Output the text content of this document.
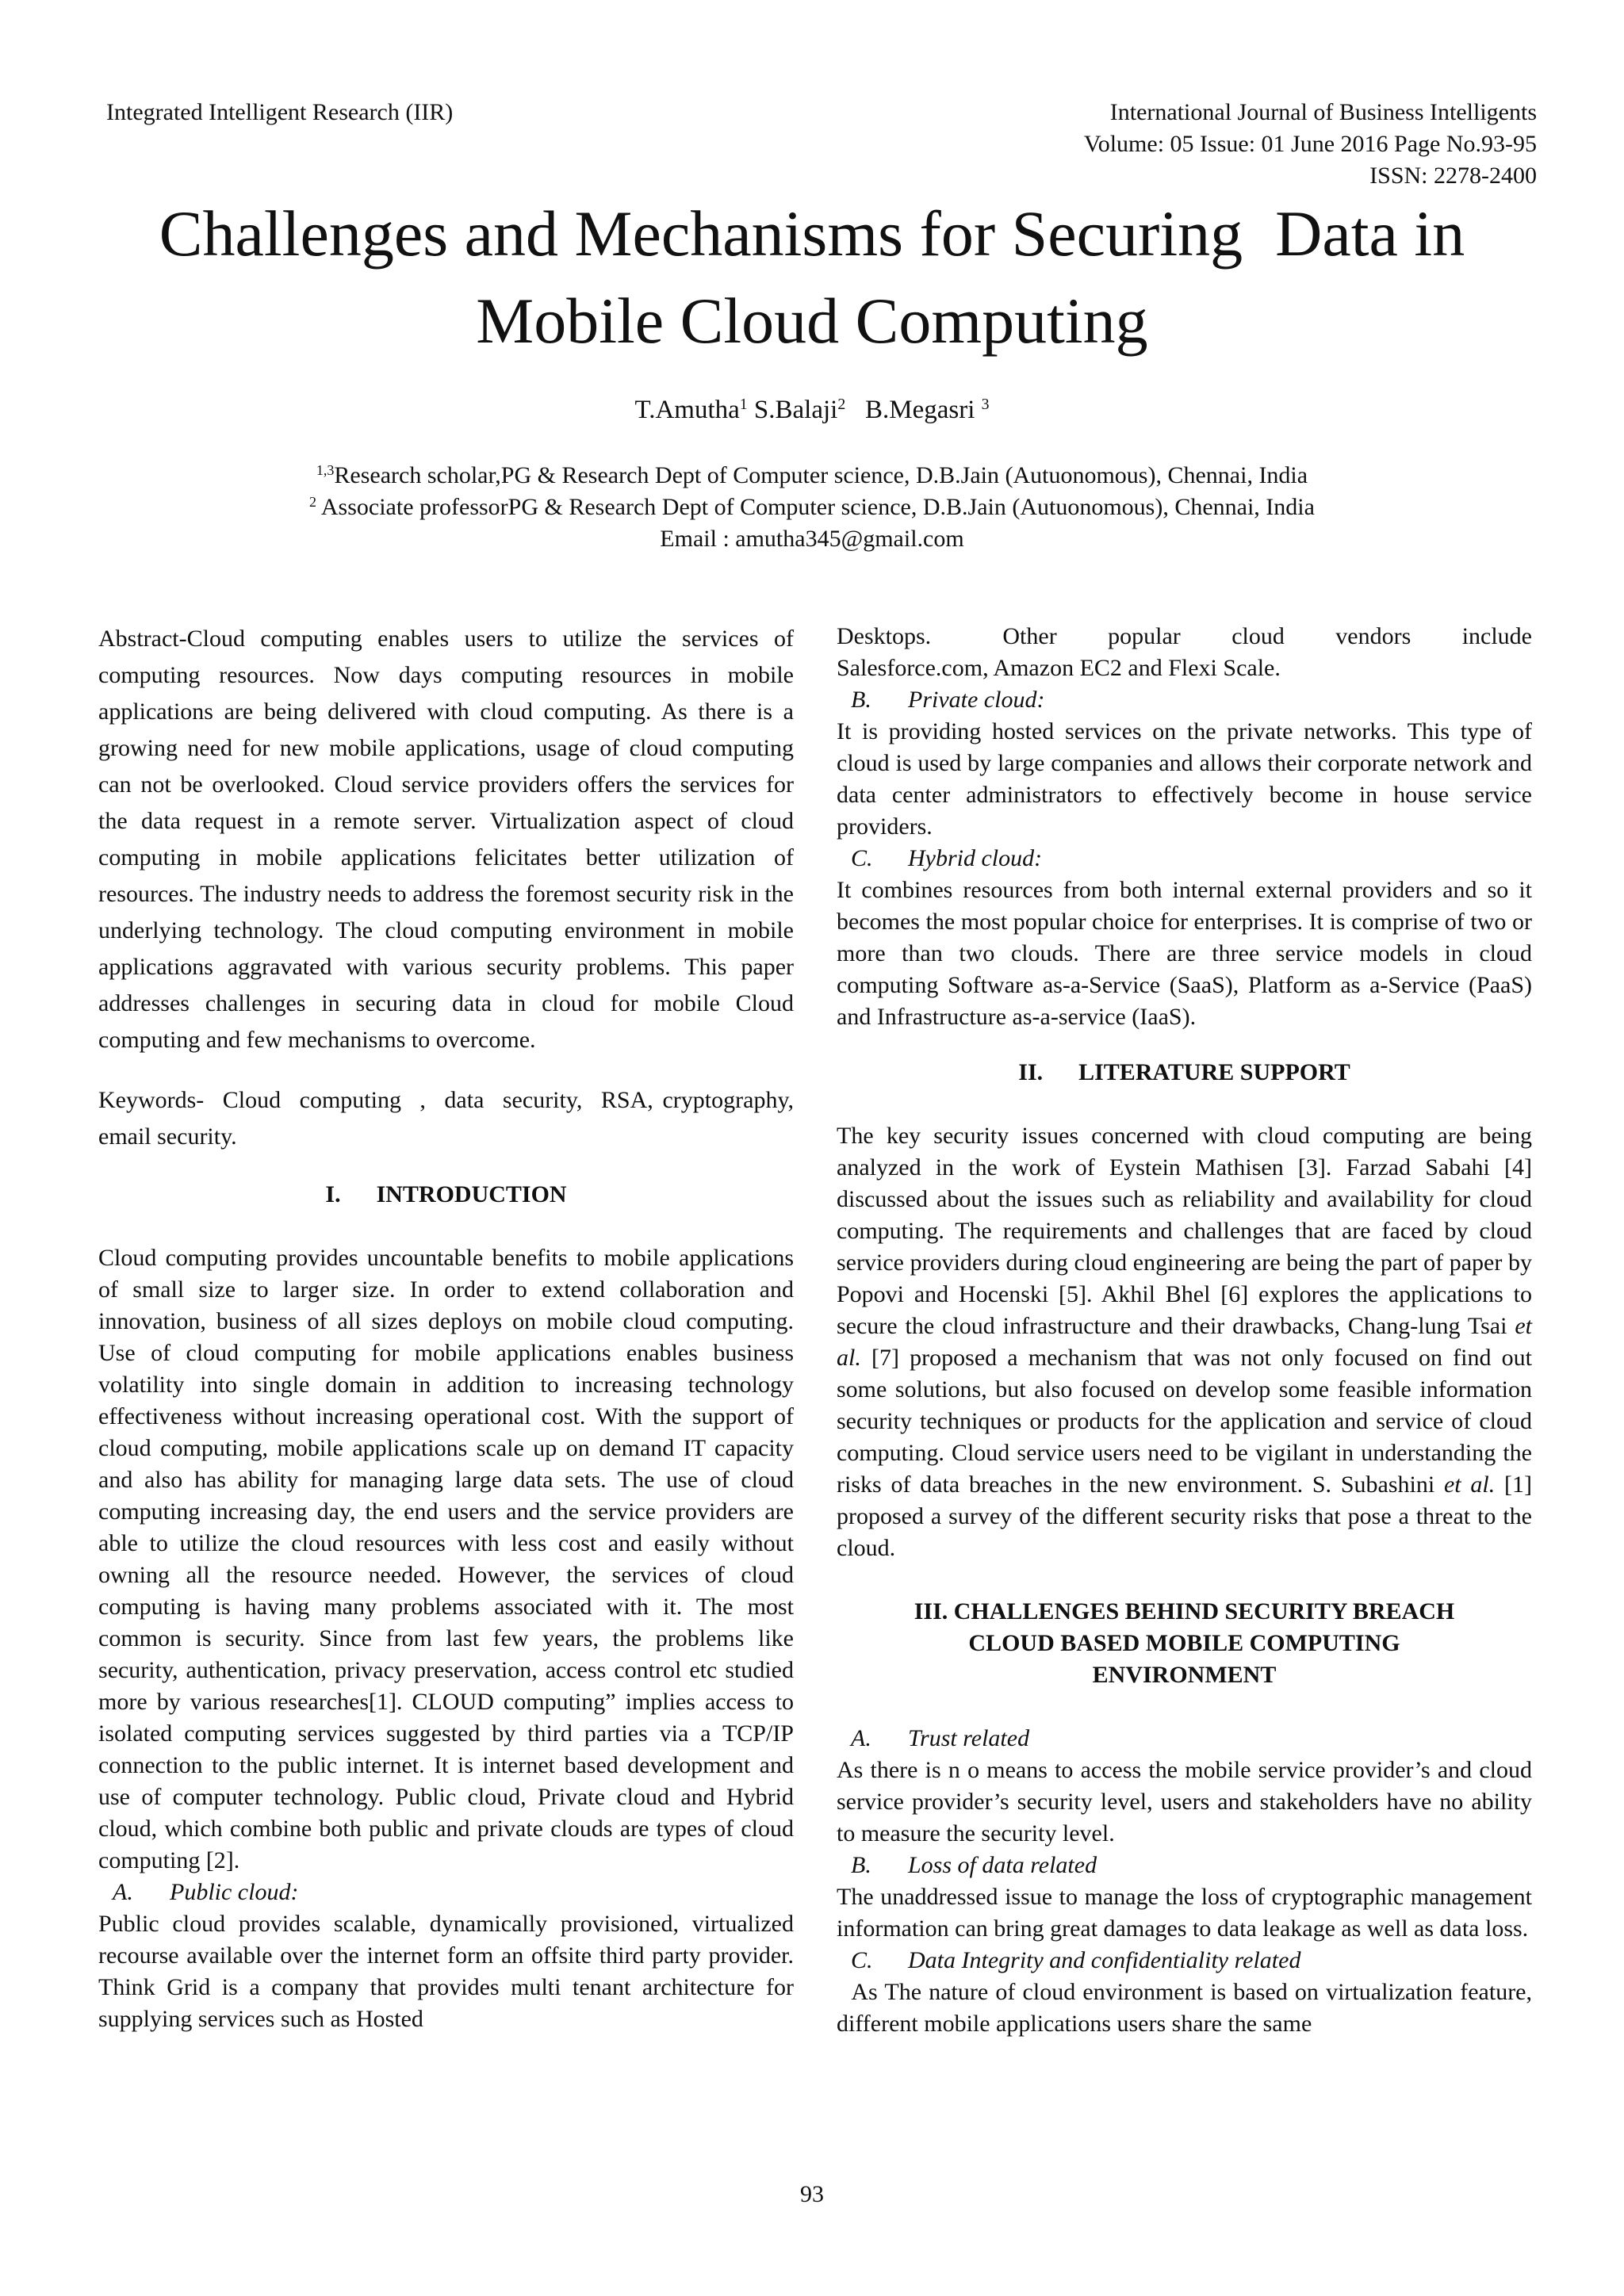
Integrated Intelligent Research (IIR)	International Journal of Business Intelligents
Volume: 05 Issue: 01 June 2016 Page No.93-95
ISSN: 2278-2400
Challenges and Mechanisms for Securing  Data in
Mobile Cloud Computing
T.Amutha$^1$ S.Balaji$^2$ B.Megasri $^3$
$^{1,3}$Research scholar,PG & Research Dept of Computer science, D.B.Jain (Autuonomous), Chennai, India
$^2$ Associate professorPG & Research Dept of Computer science, D.B.Jain (Autuonomous), Chennai, India
Email : amutha345@gmail.com

Abstract-Cloud computing enables users to utilize the services of computing resources. Now days computing resources in mobile applications are being delivered with cloud computing. As there is a growing need for new mobile applications, usage of cloud computing can not be overlooked. Cloud service providers offers the services for the data request in a remote server. Virtualization aspect of cloud computing in mobile applications felicitates better utilization of resources. The industry needs to address the foremost security risk in the underlying technology. The cloud computing environment in mobile applications aggravated with various security problems. This paper addresses challenges in securing data in cloud for mobile Cloud computing and few mechanisms to overcome.

Keywords-  Cloud  computing  ,  data  security,  RSA, cryptography, email security.

I.      INTRODUCTION

Cloud computing provides uncountable benefits to mobile applications of small size to larger size. In order to extend collaboration and innovation, business of all sizes deploys on mobile cloud computing. Use of cloud computing for mobile applications enables business volatility into single domain in addition to increasing technology effectiveness without increasing operational cost. With the support of cloud computing, mobile applications scale up on demand IT capacity and also has ability for managing large data sets. The use of cloud computing increasing day, the end users and the service providers are able to utilize the cloud resources with less cost and easily without owning all the resource needed. However, the services of cloud computing is having many problems associated with it. The most common is security. Since from last few years, the problems like security, authentication, privacy preservation, access control etc studied more by various researches[1]. CLOUD computing” implies access to isolated computing services suggested by third parties via a TCP/IP connection to the public internet. It is internet based development and use of computer technology. Public cloud, Private cloud and Hybrid cloud, which combine both public and private clouds are types of cloud computing [2].

A. Public cloud:

Public cloud provides scalable, dynamically provisioned, virtualized recourse available over the internet form an offsite third party provider. Think Grid is a company that provides multi tenant architecture for supplying services such as Hosted

Desktops.       Other     popular     cloud     vendors     include Salesforce.com, Amazon EC2 and Flexi Scale.

B. Private cloud:

It is providing hosted services on the private networks. This type of cloud is used by large companies and allows their corporate network and data center administrators to effectively become in house service providers.

C. Hybrid cloud:

It combines resources from both internal external providers and so it becomes the most popular choice for enterprises. It is comprise of two or more than two clouds. There are three service models in cloud computing Software as-a-Service (SaaS), Platform as a-Service (PaaS) and Infrastructure as-a-service (IaaS).

II.      LITERATURE SUPPORT

The key security issues concerned with cloud computing are being analyzed in the work of Eystein Mathisen [3]. Farzad Sabahi [4] discussed about the issues such as reliability and availability for cloud computing. The requirements and challenges that are faced by cloud service providers during cloud engineering are being the part of paper by Popovi and Hocenski [5]. Akhil Bhel [6] explores the applications to secure the cloud infrastructure and their drawbacks, Chang-lung Tsai et al. [7] proposed a mechanism that was not only focused on find out some solutions, but also focused on develop some feasible information security techniques or products for the application and service of cloud computing. Cloud service users need to be vigilant in understanding the risks of data breaches in the new environment. S. Subashini et al. [1] proposed a survey of the different security risks that pose a threat to the cloud.

III. CHALLENGES BEHIND SECURITY BREACH
CLOUD BASED MOBILE COMPUTING
ENVIRONMENT

A. Trust related

As there is n o means to access the mobile service provider’s and cloud service provider’s security level, users and stakeholders have no ability to measure the security level.

B. Loss of data related

The unaddressed issue to manage the loss of cryptographic management information can bring great damages to data leakage as well as data loss.

C. Data Integrity and confidentiality related

As The nature of cloud environment is based on virtualization feature, different mobile applications users share the same

93
